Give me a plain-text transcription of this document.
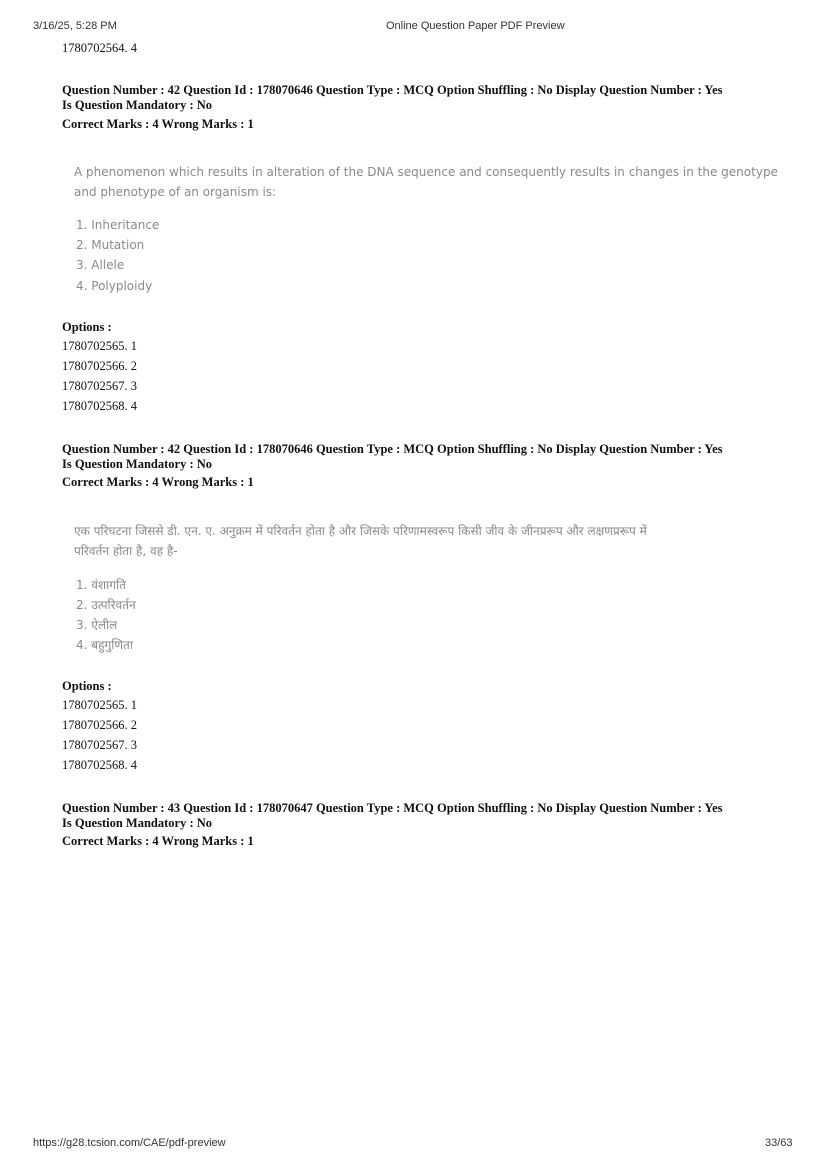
3/16/25, 5:28 PM	Online Question Paper PDF Preview
1780702564. 4
Question Number : 42 Question Id : 178070646 Question Type : MCQ Option Shuffling : No Display Question Number : Yes
Is Question Mandatory : No
Correct Marks : 4 Wrong Marks : 1
A phenomenon which results in alteration of the DNA sequence and consequently results in changes in the genotype
and phenotype of an organism is:
1. Inheritance
2. Mutation
3. Allele
4. Polyploidy
Options :
1780702565. 1
1780702566. 2
1780702567. 3
1780702568. 4
Question Number : 42 Question Id : 178070646 Question Type : MCQ Option Shuffling : No Display Question Number : Yes
Is Question Mandatory : No
Correct Marks : 4 Wrong Marks : 1
एक परिघटना जिससे डी. एन. ए. अनुक्रम में परिवर्तन होता है और जिसके परिणामस्वरूप किसी जीव के जीनप्ररूप और लक्षणप्ररूप में
परिवर्तन होता है, वह है-
1. वंशागति
2. उत्परिवर्तन
3. ऐलील
4. बहुगुणिता
Options :
1780702565. 1
1780702566. 2
1780702567. 3
1780702568. 4
Question Number : 43 Question Id : 178070647 Question Type : MCQ Option Shuffling : No Display Question Number : Yes
Is Question Mandatory : No
Correct Marks : 4 Wrong Marks : 1
https://g28.tcsion.com/CAE/pdf-preview	33/63
